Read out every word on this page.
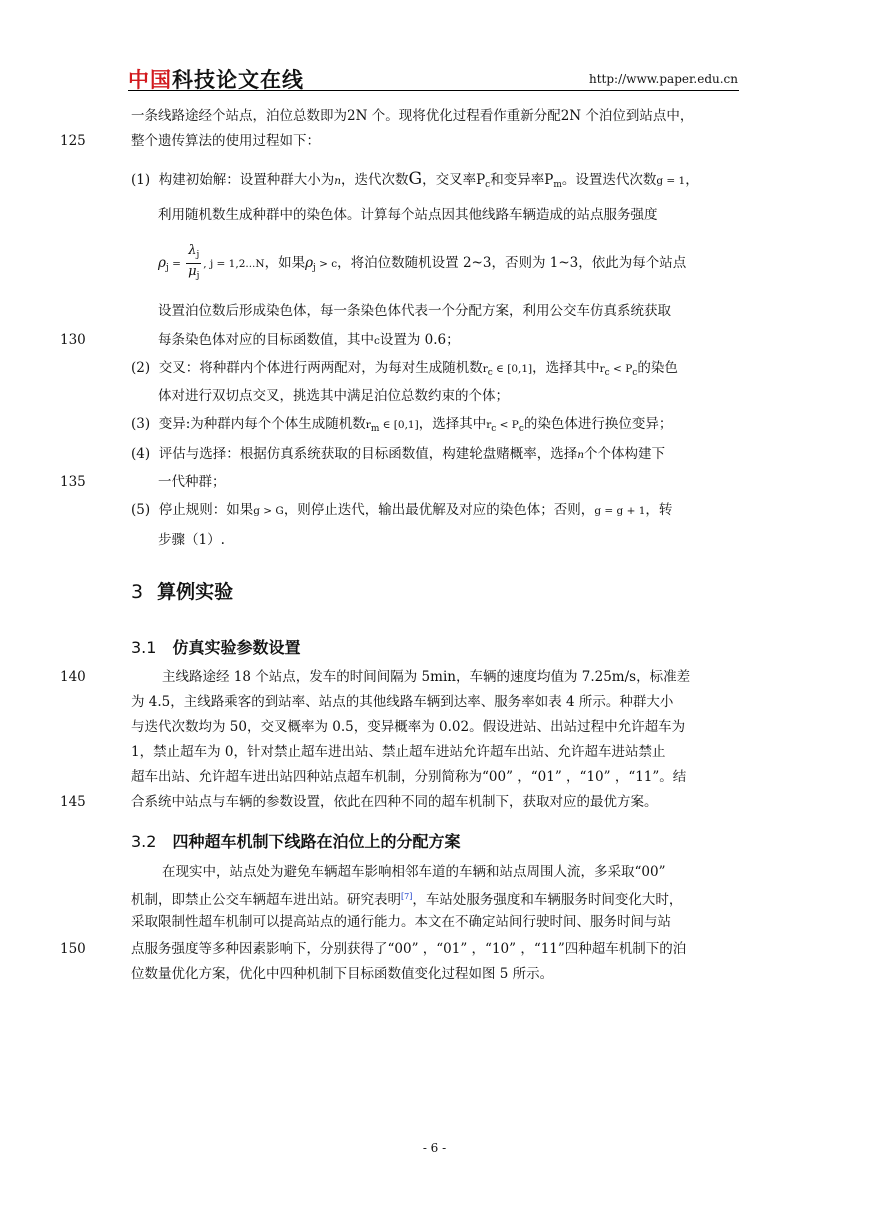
中国科技论文在线	http://www.paper.edu.cn
一条线路途经个站点，泊位总数即为2N 个。现将优化过程看作重新分配2N 个泊位到站点中，
整个遗传算法的使用过程如下：
125
(1) 构建初始解：设置种群大小为n，迭代次数G，交叉率$P_c$和变异率$P_m$。设置迭代次数g = 1，
利用随机数生成种群中的染色体。计算每个站点因其他线路车辆造成的站点服务强度
$\rho_j = \frac{\lambda_j}{\mu_j}$ , j = 1,2...N，如果$\rho_j > c$，将泊位数随机设置 2~3，否则为 1~3，依此为每个站点
设置泊位数后形成染色体，每一条染色体代表一个分配方案，利用公交车仿真系统获取
每条染色体对应的目标函数值，其中c设置为 0.6；
130
(2) 交叉：将种群内个体进行两两配对，为每对生成随机数$r_c$ ∈ [0,1]，选择其中$r_c < P_c$的染色
体对进行双切点交叉，挑选其中满足泊位总数约束的个体；
(3) 变异:为种群内每个个体生成随机数$r_m$ ∈ [0,1]，选择其中$r_c < P_c$的染色体进行换位变异；
(4) 评估与选择：根据仿真系统获取的目标函数值，构建轮盘赌概率，选择n个个体构建下
一代种群；
135
(5) 停止规则：如果g > G，则停止迭代，输出最优解及对应的染色体；否则，g = g + 1，转
步骤（1）.
3 算例实验
3.1 仿真实验参数设置
主线路途经 18 个站点，发车的时间间隔为 5min，车辆的速度均值为 7.25m/s，标准差
140
为 4.5，主线路乘客的到站率、站点的其他线路车辆到达率、服务率如表 4 所示。种群大小
与迭代次数均为 50，交叉概率为 0.5，变异概率为 0.02。假设进站、出站过程中允许超车为
1，禁止超车为 0，针对禁止超车进出站、禁止超车进站允许超车出站、允许超车进站禁止
超车出站、允许超车进出站四种站点超车机制，分别简称为“00” ，“01” ，“10” ，“11”。结
合系统中站点与车辆的参数设置，依此在四种不同的超车机制下，获取对应的最优方案。
145
3.2 四种超车机制下线路在泊位上的分配方案
在现实中，站点处为避免车辆超车影响相邻车道的车辆和站点周围人流，多采取“00”
机制，即禁止公交车辆超车进出站。研究表明[7]，车站处服务强度和车辆服务时间变化大时，
采取限制性超车机制可以提高站点的通行能力。本文在不确定站间行驶时间、服务时间与站
点服务强度等多种因素影响下，分别获得了“00” ，“01” ，“10” ，“11”四种超车机制下的泊
150
位数量优化方案，优化中四种机制下目标函数值变化过程如图 5 所示。
- 6 -
